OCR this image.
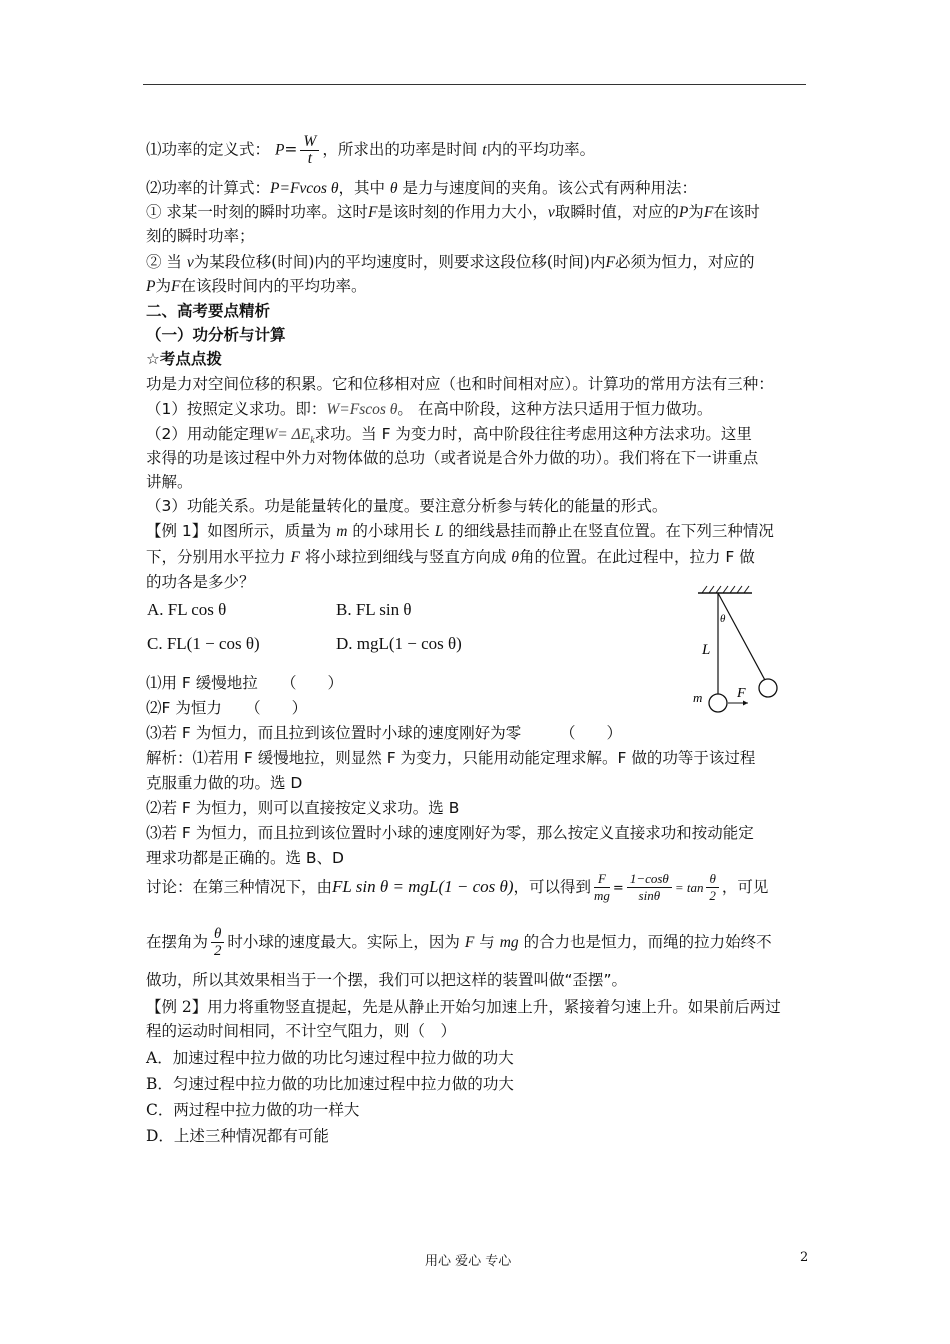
⑴功率的定义式： $P= \frac{W}{t}$ ，所求出的功率是时间 t内的平均功率。
⑵功率的计算式：P=Fvcos θ，其中 θ 是力与速度间的夹角。该公式有两种用法：
① 求某一时刻的瞬时功率。这时F是该时刻的作用力大小，v取瞬时值，对应的P为F在该时
刻的瞬时功率；
② 当 v为某段位移(时间)内的平均速度时，则要求这段位移(时间)内F必须为恒力，对应的
P为F在该段时间内的平均功率。
二、高考要点精析
（一）功分析与计算
☆考点点拨
功是力对空间位移的积累。它和位移相对应（也和时间相对应）。计算功的常用方法有三种：
（1）按照定义求功。即：W=Fscos θ。 在高中阶段，这种方法只适用于恒力做功。
（2）用动能定理$W= \Delta E_k$求功。当 F 为变力时，高中阶段往往考虑用这种方法求功。这里
求得的功是该过程中外力对物体做的总功（或者说是合外力做的功）。我们将在下一讲重点
讲解。
（3）功能关系。功是能量转化的量度。要注意分析参与转化的能量的形式。
【例 1】如图所示，质量为 m 的小球用长 L 的细线悬挂而静止在竖直位置。在下列三种情况
下，分别用水平拉力 F 将小球拉到细线与竖直方向成 θ角的位置。在此过程中，拉力 F 做
的功各是多少？
A. FL cos θ	B. FL sin θ
C. FL(1 − cos θ)	D. mgL(1 − cos θ)
θ
L
m F
⑴用 F 缓慢地拉　　（　　）
⑵F 为恒力　　（　　）
⑶若 F 为恒力，而且拉到该位置时小球的速度刚好为零　　　（　　）
解析：⑴若用 F 缓慢地拉，则显然 F 为变力，只能用动能定理求解。F 做的功等于该过程
克服重力做的功。选 D
⑵若 F 为恒力，则可以直接按定义求功。选 B
⑶若 F 为恒力，而且拉到该位置时小球的速度刚好为零，那么按定义直接求功和按动能定
理求功都是正确的。选 B、D
讨论：在第三种情况下，由FL sin θ = mgL(1 − cos θ)，可以得到 $\frac{F}{mg} = \frac{1-\cos\theta}{\sin\theta} = \tan \frac{\theta}{2}$ ，可见
在摆角为 $\frac{\theta}{2}$ 时小球的速度最大。实际上，因为 F 与 mg 的合力也是恒力，而绳的拉力始终不
做功，所以其效果相当于一个摆，我们可以把这样的装置叫做“歪摆”。
【例 2】用力将重物竖直提起，先是从静止开始匀加速上升，紧接着匀速上升。如果前后两过
程的运动时间相同，不计空气阻力，则（　）
A．加速过程中拉力做的功比匀速过程中拉力做的功大
B．匀速过程中拉力做的功比加速过程中拉力做的功大
C．两过程中拉力做的功一样大
D．上述三种情况都有可能
用心 爱心 专心	2
